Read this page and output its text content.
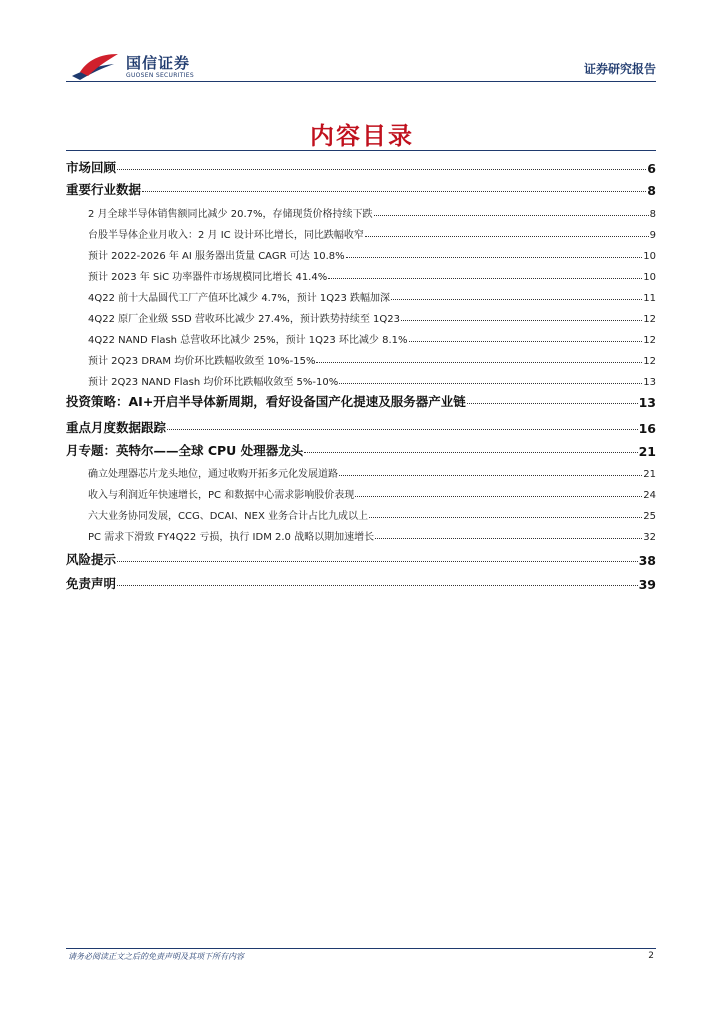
国信证券
GUOSEN SECURITIES	证券研究报告
内容目录
市场回顾	6
重要行业数据	8
2 月全球半导体销售额同比减少 20.7%，存储现货价格持续下跌	8
台股半导体企业月收入：2 月 IC 设计环比增长，同比跌幅收窄	9
预计 2022-2026 年 AI 服务器出货量 CAGR 可达 10.8%	10
预计 2023 年 SiC 功率器件市场规模同比增长 41.4%	10
4Q22 前十大晶圆代工厂产值环比减少 4.7%，预计 1Q23 跌幅加深	11
4Q22 原厂企业级 SSD 营收环比减少 27.4%，预计跌势持续至 1Q23	12
4Q22 NAND Flash 总营收环比减少 25%，预计 1Q23 环比减少 8.1%	12
预计 2Q23 DRAM 均价环比跌幅收敛至 10%-15%	12
预计 2Q23 NAND Flash 均价环比跌幅收敛至 5%-10%	13
投资策略：AI+开启半导体新周期，看好设备国产化提速及服务器产业链	13
重点月度数据跟踪	16
月专题：英特尔——全球 CPU 处理器龙头	21
确立处理器芯片龙头地位，通过收购开拓多元化发展道路	21
收入与利润近年快速增长，PC 和数据中心需求影响股价表现	24
六大业务协同发展，CCG、DCAI、NEX 业务合计占比九成以上	25
PC 需求下滑致 FY4Q22 亏损，执行 IDM 2.0 战略以期加速增长	32
风险提示	38
免责声明	39
请务必阅读正文之后的免责声明及其项下所有内容	2
